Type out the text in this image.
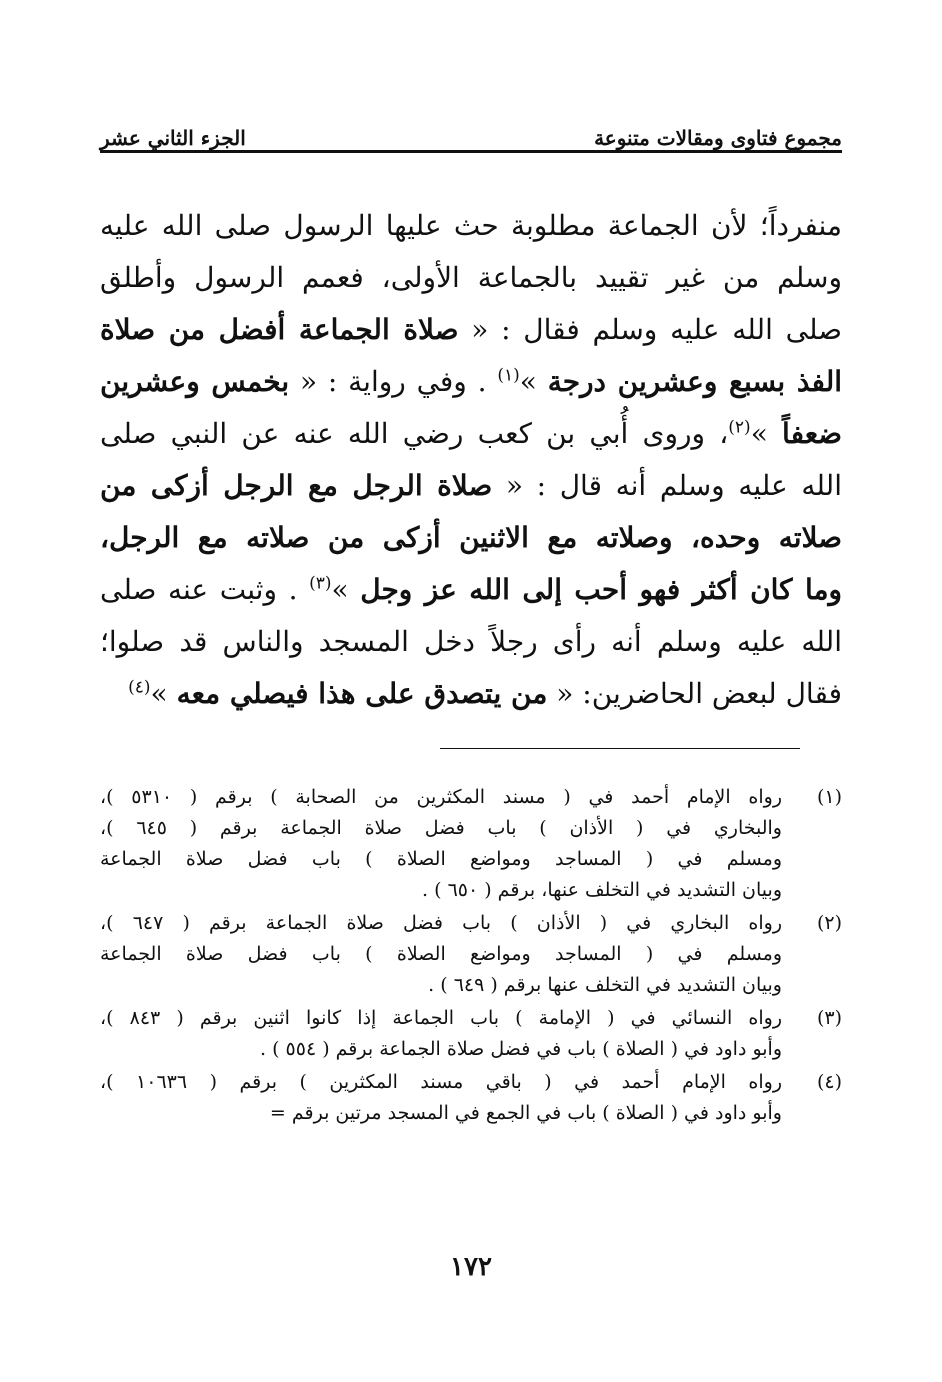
مجموع فتاوى ومقالات متنوعة
الجزء الثاني عشر
منفرداً؛ لأن الجماعة مطلوبة حث عليها الرسول صلى الله عليه
وسلم من غير تقييد بالجماعة الأولى، فعمم الرسول وأطلق
صلى الله عليه وسلم فقال : « صلاة الجماعة أفضل من صلاة
الفذ بسبع وعشرين درجة »$^{(١)}$ . وفي رواية : « بخمس وعشرين
ضعفاً »$^{(٢)}$، وروى أُبي بن كعب رضي الله عنه عن النبي صلى
الله عليه وسلم أنه قال : « صلاة الرجل مع الرجل أزكى من
صلاته وحده، وصلاته مع الاثنين أزكى من صلاته مع الرجل،
وما كان أكثر فهو أحب إلى الله عز وجل »$^{(٣)}$ . وثبت عنه صلى
الله عليه وسلم أنه رأى رجلاً دخل المسجد والناس قد صلوا؛
فقال لبعض الحاضرين: « من يتصدق على هذا فيصلي معه »$^{(٤)}$
(١)
رواه الإمام أحمد في ( مسند المكثرين من الصحابة ) برقم ( ٥٣١٠ )،
والبخاري في ( الأذان ) باب فضل صلاة الجماعة برقم ( ٦٤٥ )،
ومسلم في ( المساجد ومواضع الصلاة ) باب فضل صلاة الجماعة
وبيان التشديد في التخلف عنها، برقم ( ٦٥٠ ) .
(٢)
رواه البخاري في ( الأذان ) باب فضل صلاة الجماعة برقم ( ٦٤٧ )،
ومسلم في ( المساجد ومواضع الصلاة ) باب فضل صلاة الجماعة
وبيان التشديد في التخلف عنها برقم ( ٦٤٩ ) .
(٣)
رواه النسائي في ( الإمامة ) باب الجماعة إذا كانوا اثنين برقم ( ٨٤٣ )،
وأبو داود في ( الصلاة ) باب في فضل صلاة الجماعة برقم ( ٥٥٤ ) .
(٤)
رواه الإمام أحمد في ( باقي مسند المكثرين ) برقم ( ١٠٦٣٦ )،
وأبو داود في ( الصلاة ) باب في الجمع في المسجد مرتين برقم =
١٧٢
